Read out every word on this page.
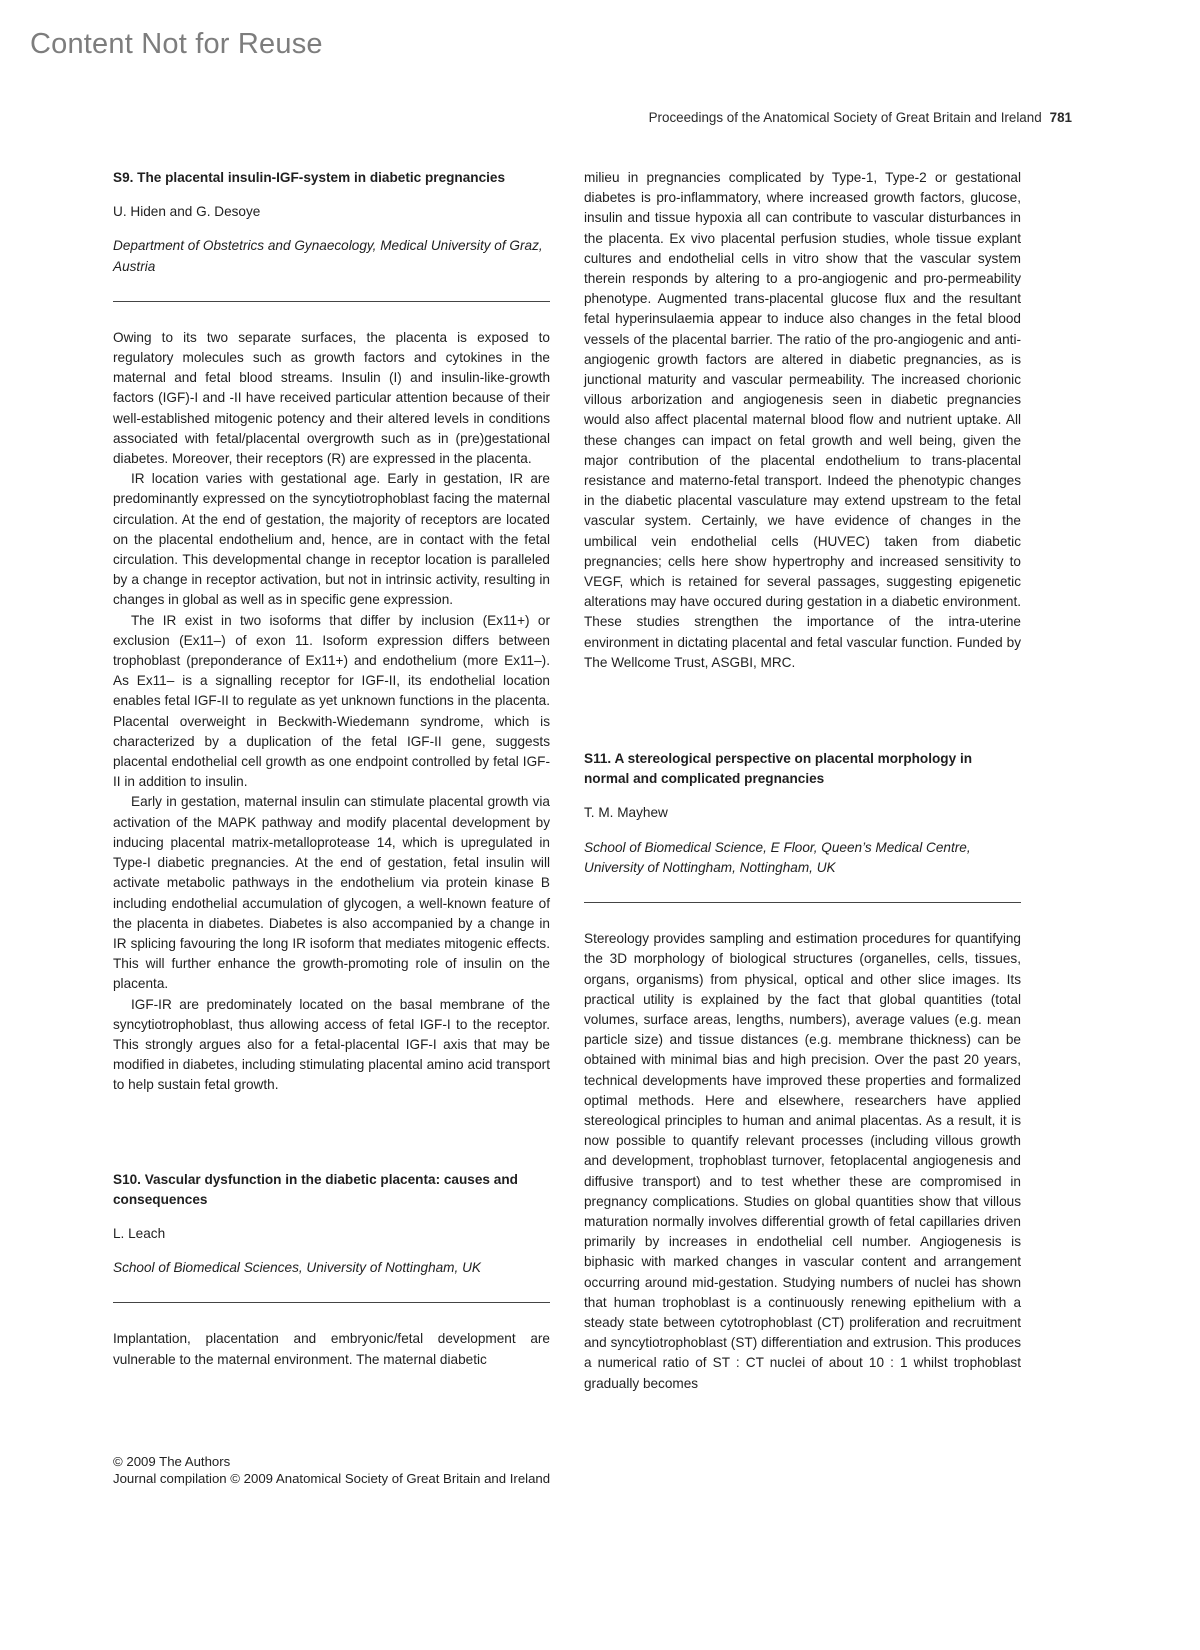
Content Not for Reuse
Proceedings of the Anatomical Society of Great Britain and Ireland 781
S9. The placental insulin-IGF-system in diabetic pregnancies

U. Hiden and G. Desoye

Department of Obstetrics and Gynaecology, Medical University of Graz, Austria

Owing to its two separate surfaces, the placenta is exposed to regulatory molecules such as growth factors and cytokines in the maternal and fetal blood streams. Insulin (I) and insulin-like-growth factors (IGF)-I and -II have received particular attention because of their well-established mitogenic potency and their altered levels in conditions associated with fetal/placental overgrowth such as in (pre)gestational diabetes. Moreover, their receptors (R) are expressed in the placenta.

IR location varies with gestational age. Early in gestation, IR are predominantly expressed on the syncytiotrophoblast facing the maternal circulation. At the end of gestation, the majority of receptors are located on the placental endothelium and, hence, are in contact with the fetal circulation. This developmental change in receptor location is paralleled by a change in receptor activation, but not in intrinsic activity, resulting in changes in global as well as in specific gene expression.

The IR exist in two isoforms that differ by inclusion (Ex11+) or exclusion (Ex11–) of exon 11. Isoform expression differs between trophoblast (preponderance of Ex11+) and endothelium (more Ex11–). As Ex11– is a signalling receptor for IGF-II, its endothelial location enables fetal IGF-II to regulate as yet unknown functions in the placenta. Placental overweight in Beckwith-Wiedemann syndrome, which is characterized by a duplication of the fetal IGF-II gene, suggests placental endothelial cell growth as one endpoint controlled by fetal IGF-II in addition to insulin.

Early in gestation, maternal insulin can stimulate placental growth via activation of the MAPK pathway and modify placental development by inducing placental matrix-metalloprotease 14, which is upregulated in Type-I diabetic pregnancies. At the end of gestation, fetal insulin will activate metabolic pathways in the endothelium via protein kinase B including endothelial accumulation of glycogen, a well-known feature of the placenta in diabetes. Diabetes is also accompanied by a change in IR splicing favouring the long IR isoform that mediates mitogenic effects. This will further enhance the growth-promoting role of insulin on the placenta.

IGF-IR are predominately located on the basal membrane of the syncytiotrophoblast, thus allowing access of fetal IGF-I to the receptor. This strongly argues also for a fetal-placental IGF-I axis that may be modified in diabetes, including stimulating placental amino acid transport to help sustain fetal growth.

S10. Vascular dysfunction in the diabetic placenta: causes and consequences

L. Leach

School of Biomedical Sciences, University of Nottingham, UK

Implantation, placentation and embryonic/fetal development are vulnerable to the maternal environment. The maternal diabetic

milieu in pregnancies complicated by Type-1, Type-2 or gestational diabetes is pro-inflammatory, where increased growth factors, glucose, insulin and tissue hypoxia all can contribute to vascular disturbances in the placenta. Ex vivo placental perfusion studies, whole tissue explant cultures and endothelial cells in vitro show that the vascular system therein responds by altering to a pro-angiogenic and pro-permeability phenotype. Augmented trans-placental glucose flux and the resultant fetal hyperinsulaemia appear to induce also changes in the fetal blood vessels of the placental barrier. The ratio of the pro-angiogenic and anti-angiogenic growth factors are altered in diabetic pregnancies, as is junctional maturity and vascular permeability. The increased chorionic villous arborization and angiogenesis seen in diabetic pregnancies would also affect placental maternal blood flow and nutrient uptake. All these changes can impact on fetal growth and well being, given the major contribution of the placental endothelium to trans-placental resistance and materno-fetal transport. Indeed the phenotypic changes in the diabetic placental vasculature may extend upstream to the fetal vascular system. Certainly, we have evidence of changes in the umbilical vein endothelial cells (HUVEC) taken from diabetic pregnancies; cells here show hypertrophy and increased sensitivity to VEGF, which is retained for several passages, suggesting epigenetic alterations may have occured during gestation in a diabetic environment. These studies strengthen the importance of the intra-uterine environment in dictating placental and fetal vascular function. Funded by The Wellcome Trust, ASGBI, MRC.

S11. A stereological perspective on placental morphology in normal and complicated pregnancies

T. M. Mayhew

School of Biomedical Science, E Floor, Queen’s Medical Centre, University of Nottingham, Nottingham, UK

Stereology provides sampling and estimation procedures for quantifying the 3D morphology of biological structures (organelles, cells, tissues, organs, organisms) from physical, optical and other slice images. Its practical utility is explained by the fact that global quantities (total volumes, surface areas, lengths, numbers), average values (e.g. mean particle size) and tissue distances (e.g. membrane thickness) can be obtained with minimal bias and high precision. Over the past 20 years, technical developments have improved these properties and formalized optimal methods. Here and elsewhere, researchers have applied stereological principles to human and animal placentas. As a result, it is now possible to quantify relevant processes (including villous growth and development, trophoblast turnover, fetoplacental angiogenesis and diffusive transport) and to test whether these are compromised in pregnancy complications. Studies on global quantities show that villous maturation normally involves differential growth of fetal capillaries driven primarily by increases in endothelial cell number. Angiogenesis is biphasic with marked changes in vascular content and arrangement occurring around mid-gestation. Studying numbers of nuclei has shown that human trophoblast is a continuously renewing epithelium with a steady state between cytotrophoblast (CT) proliferation and recruitment and syncytiotrophoblast (ST) differentiation and extrusion. This produces a numerical ratio of ST : CT nuclei of about 10 : 1 whilst trophoblast gradually becomes

© 2009 The Authors
Journal compilation © 2009 Anatomical Society of Great Britain and Ireland
